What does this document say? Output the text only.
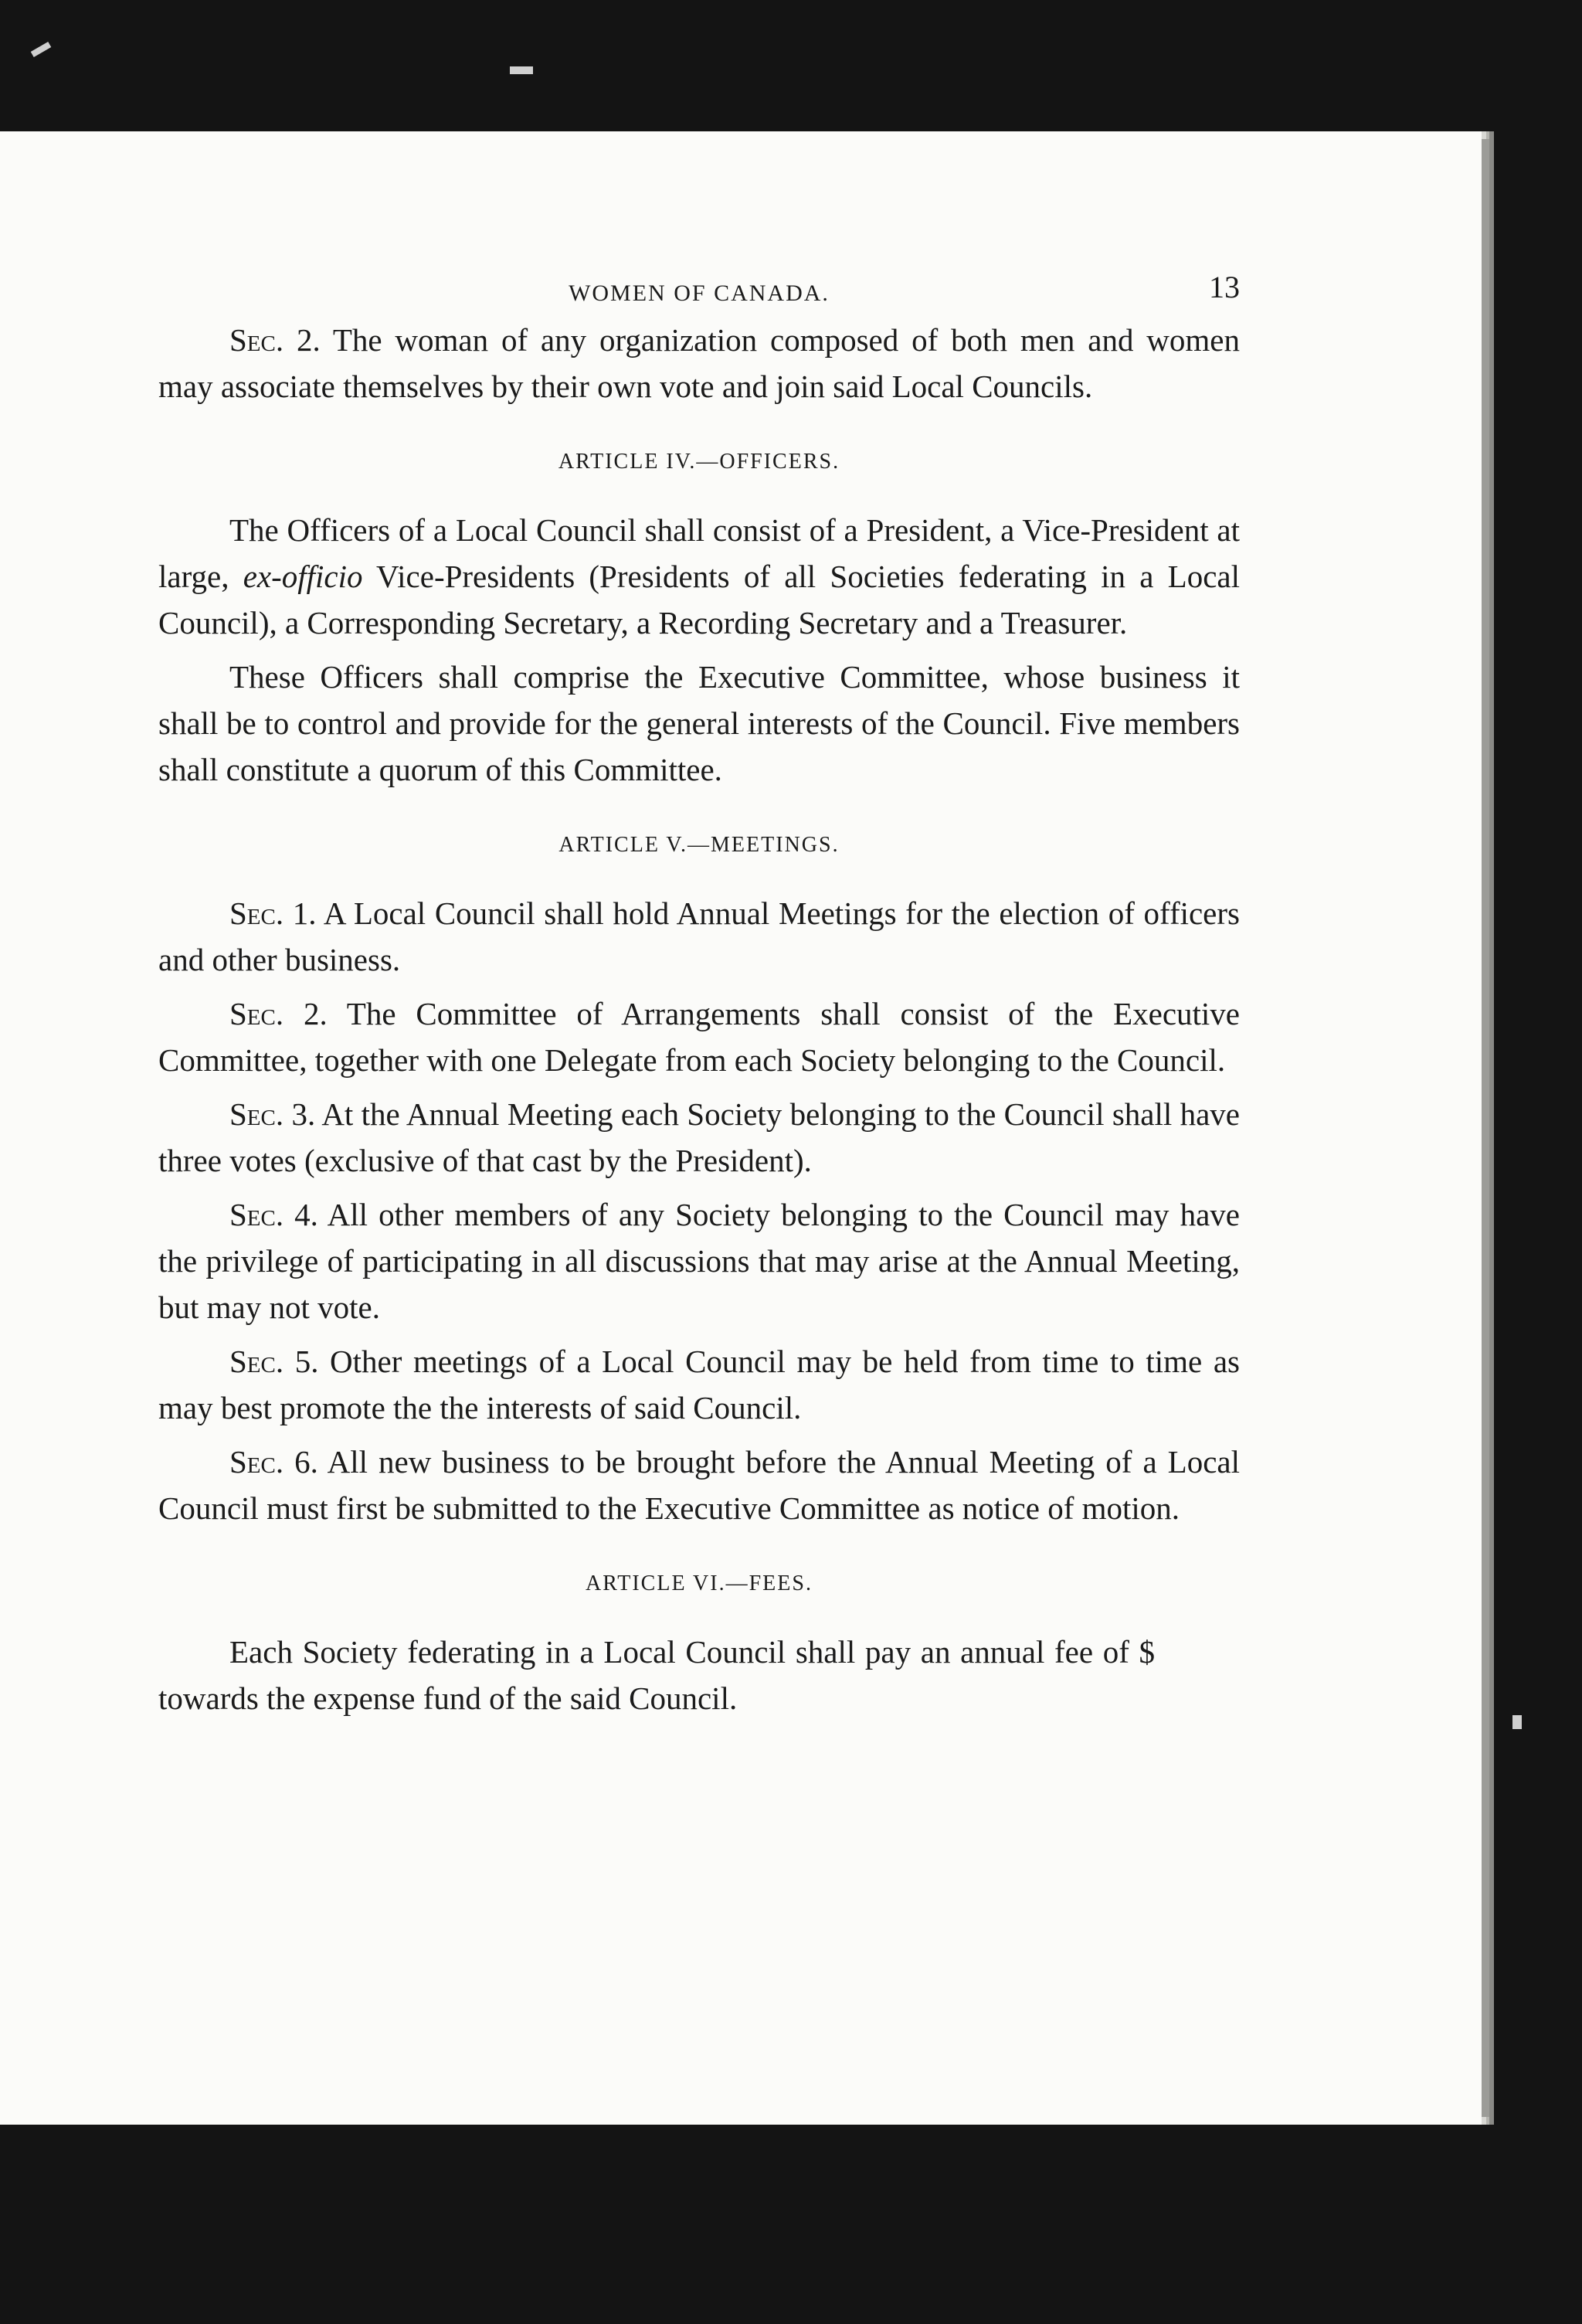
WOMEN OF CANADA.	13

Sec. 2. The woman of any organization composed of both men and women may associate themselves by their own vote and join said Local Councils.

ARTICLE IV.—OFFICERS.

The Officers of a Local Council shall consist of a President, a Vice-President at large, ex-officio Vice-Presidents (Presidents of all Societies federating in a Local Council), a Corresponding Secretary, a Recording Secretary and a Treasurer.

These Officers shall comprise the Executive Committee, whose business it shall be to control and provide for the general interests of the Council. Five members shall constitute a quorum of this Committee.

ARTICLE V.—MEETINGS.

Sec. 1. A Local Council shall hold Annual Meetings for the election of officers and other business.

Sec. 2. The Committee of Arrangements shall consist of the Executive Committee, together with one Delegate from each Society belonging to the Council.

Sec. 3. At the Annual Meeting each Society belonging to the Council shall have three votes (exclusive of that cast by the President).

Sec. 4. All other members of any Society belonging to the Council may have the privilege of participating in all discussions that may arise at the Annual Meeting, but may not vote.

Sec. 5. Other meetings of a Local Council may be held from time to time as may best promote the the interests of said Council.

Sec. 6. All new business to be brought before the Annual Meeting of a Local Council must first be submitted to the Executive Committee as notice of motion.

ARTICLE VI.—FEES.

Each Society federating in a Local Council shall pay an annual fee of $towards the expense fund of the said Council.
